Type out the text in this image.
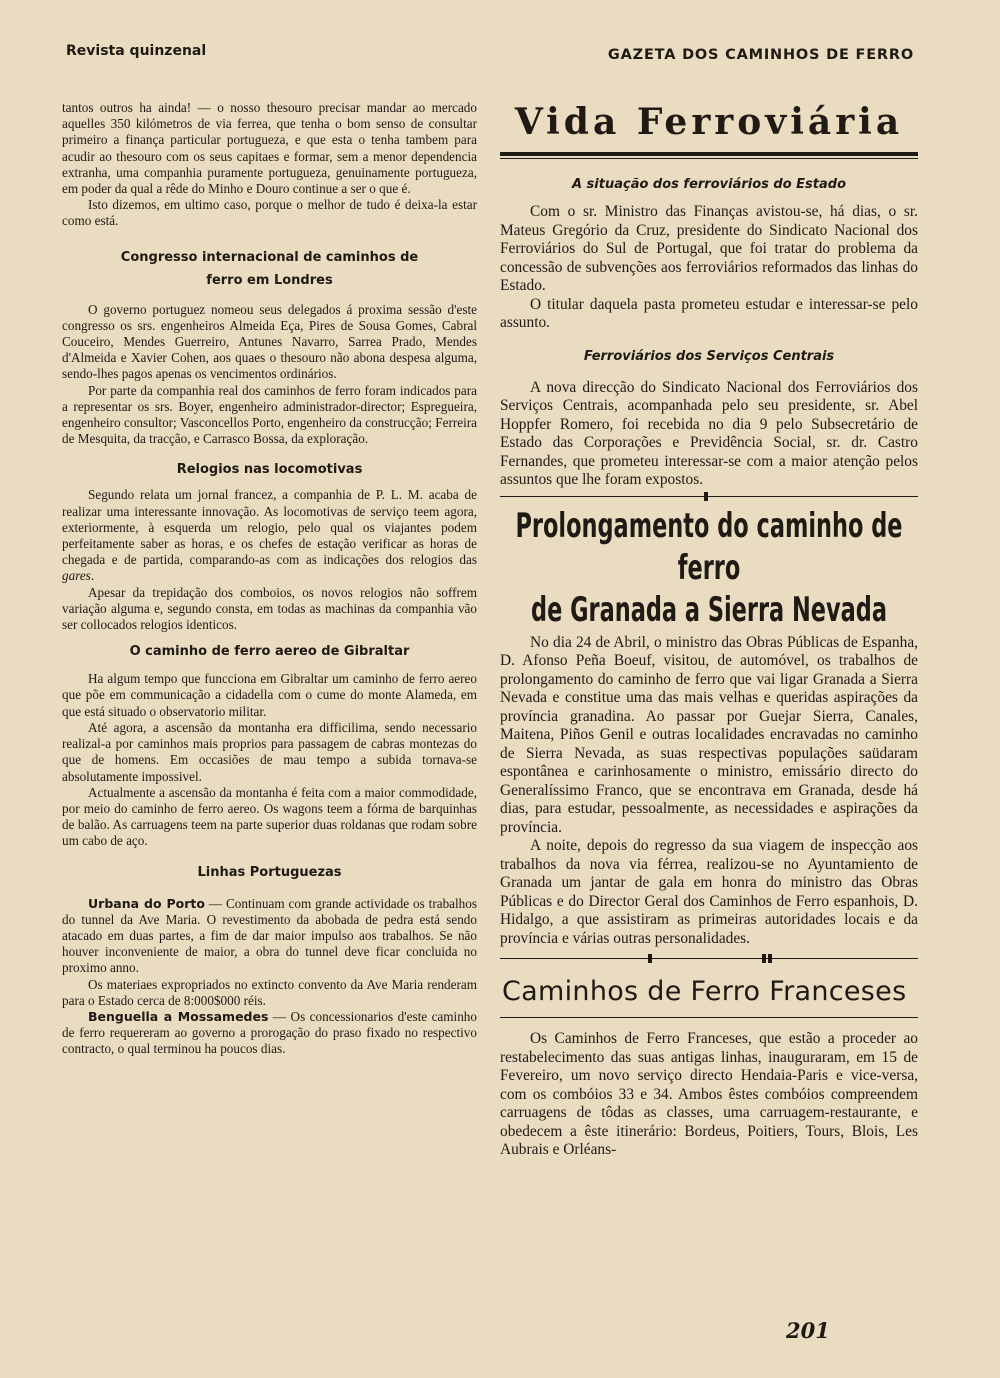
Revista quinzenal	GAZETA DOS CAMINHOS DE FERRO

tantos outros ha ainda! — o nosso thesouro precisar mandar ao mercado aquelles 350 kilómetros de via ferrea, que tenha o bom senso de consultar primeiro a finança particular portugueza, e que esta o tenha tambem para acudir ao thesouro com os seus capitaes e formar, sem a menor dependencia extranha, uma companhia puramente portugueza, genuinamente portugueza, em poder da qual a rêde do Minho e Douro continue a ser o que é.

Isto dizemos, em ultimo caso, porque o melhor de tudo é deixa-la estar como está.

Congresso internacional de caminhos de ferro em Londres

O governo portuguez nomeou seus delegados á proxima sessão d'este congresso os srs. engenheiros Almeida Eça, Pires de Sousa Gomes, Cabral Couceiro, Mendes Guerreiro, Antunes Navarro, Sarrea Prado, Mendes d'Almeida e Xavier Cohen, aos quaes o thesouro não abona despesa alguma, sendo-lhes pagos apenas os vencimentos ordinários.

Por parte da companhia real dos caminhos de ferro foram indicados para a representar os srs. Boyer, engenheiro administrador-director; Espregueira, engenheiro consultor; Vasconcellos Porto, engenheiro da construcção; Ferreira de Mesquita, da tracção, e Carrasco Bossa, da exploração.

Relogios nas locomotivas

Segundo relata um jornal francez, a companhia de P. L. M. acaba de realizar uma interessante innovação. As locomotivas de serviço teem agora, exteriormente, à esquerda um relogio, pelo qual os viajantes podem perfeitamente saber as horas, e os chefes de estação verificar as horas de chegada e de partida, comparando-as com as indicações dos relogios das gares.

Apesar da trepidação dos comboios, os novos relogios não soffrem variação alguma e, segundo consta, em todas as machinas da companhia vão ser collocados relogios identicos.

O caminho de ferro aereo de Gibraltar

Ha algum tempo que funcciona em Gibraltar um caminho de ferro aereo que põe em communicação a cidadella com o cume do monte Alameda, em que está situado o observatorio militar.

Até agora, a ascensão da montanha era difficilima, sendo necessario realizal-a por caminhos mais proprios para passagem de cabras montezas do que de homens. Em occasiões de mau tempo a subida tornava-se absolutamente impossivel.

Actualmente a ascensão da montanha é feita com a maior commodidade, por meio do caminho de ferro aereo. Os wagons teem a fórma de barquinhas de balão. As carruagens teem na parte superior duas roldanas que rodam sobre um cabo de aço.

Linhas Portuguezas

Urbana do Porto — Continuam com grande actividade os trabalhos do tunnel da Ave Maria. O revestimento da abobada de pedra está sendo atacado em duas partes, a fim de dar maior impulso aos trabalhos. Se não houver inconveniente de maior, a obra do tunnel deve ficar concluida no proximo anno.

Os materiaes expropriados no extincto convento da Ave Maria renderam para o Estado cerca de 8:000$000 réis.

Benguella a Mossamedes — Os concessionarios d'este caminho de ferro requereram ao governo a prorogação do praso fixado no respectivo contracto, o qual terminou ha poucos dias.

Vida Ferroviária
A situação dos ferroviários do Estado

Com o sr. Ministro das Finanças avistou-se, há dias, o sr. Mateus Gregório da Cruz, presidente do Sindicato Nacional dos Ferroviários do Sul de Portugal, que foi tratar do problema da concessão de subvenções aos ferroviários reformados das linhas do Estado.

O titular daquela pasta prometeu estudar e interessar-se pelo assunto.

Ferroviários dos Serviços Centrais

A nova direcção do Sindicato Nacional dos Ferroviários dos Serviços Centrais, acompanhada pelo seu presidente, sr. Abel Hoppfer Romero, foi recebida no dia 9 pelo Subsecretário de Estado das Corporações e Previdência Social, sr. dr. Castro Fernandes, que prometeu interessar-se com a maior atenção pelos assuntos que lhe foram expostos.

Prolongamento do caminho de ferro
de Granada a Sierra Nevada

No dia 24 de Abril, o ministro das Obras Públicas de Espanha, D. Afonso Peña Boeuf, visitou, de automóvel, os trabalhos de prolongamento do caminho de ferro que vai ligar Granada a Sierra Nevada e constitue uma das mais velhas e queridas aspirações da província granadina. Ao passar por Guejar Sierra, Canales, Maitena, Piños Genil e outras localidades encravadas no caminho de Sierra Nevada, as suas respectivas populações saüdaram espontânea e carinhosamente o ministro, emissário directo do Generalíssimo Franco, que se encontrava em Granada, desde há dias, para estudar, pessoalmente, as necessidades e aspirações da província.

A noite, depois do regresso da sua viagem de inspecção aos trabalhos da nova via férrea, realizou-se no Ayuntamiento de Granada um jantar de gala em honra do ministro das Obras Públicas e do Director Geral dos Caminhos de Ferro espanhois, D. Hidalgo, a que assistiram as primeiras autoridades locais e da província e várias outras personalidades.

Caminhos de Ferro Franceses

Os Caminhos de Ferro Franceses, que estão a proceder ao restabelecimento das suas antigas linhas, inauguraram, em 15 de Fevereiro, um novo serviço directo Hendaia-Paris e vice-versa, com os combóios 33 e 34. Ambos êstes combóios compreendem carruagens de tôdas as classes, uma carruagem-restaurante, e obedecem a êste itinerário: Bordeus, Poitiers, Tours, Blois, Les Aubrais e Orléans-

201
